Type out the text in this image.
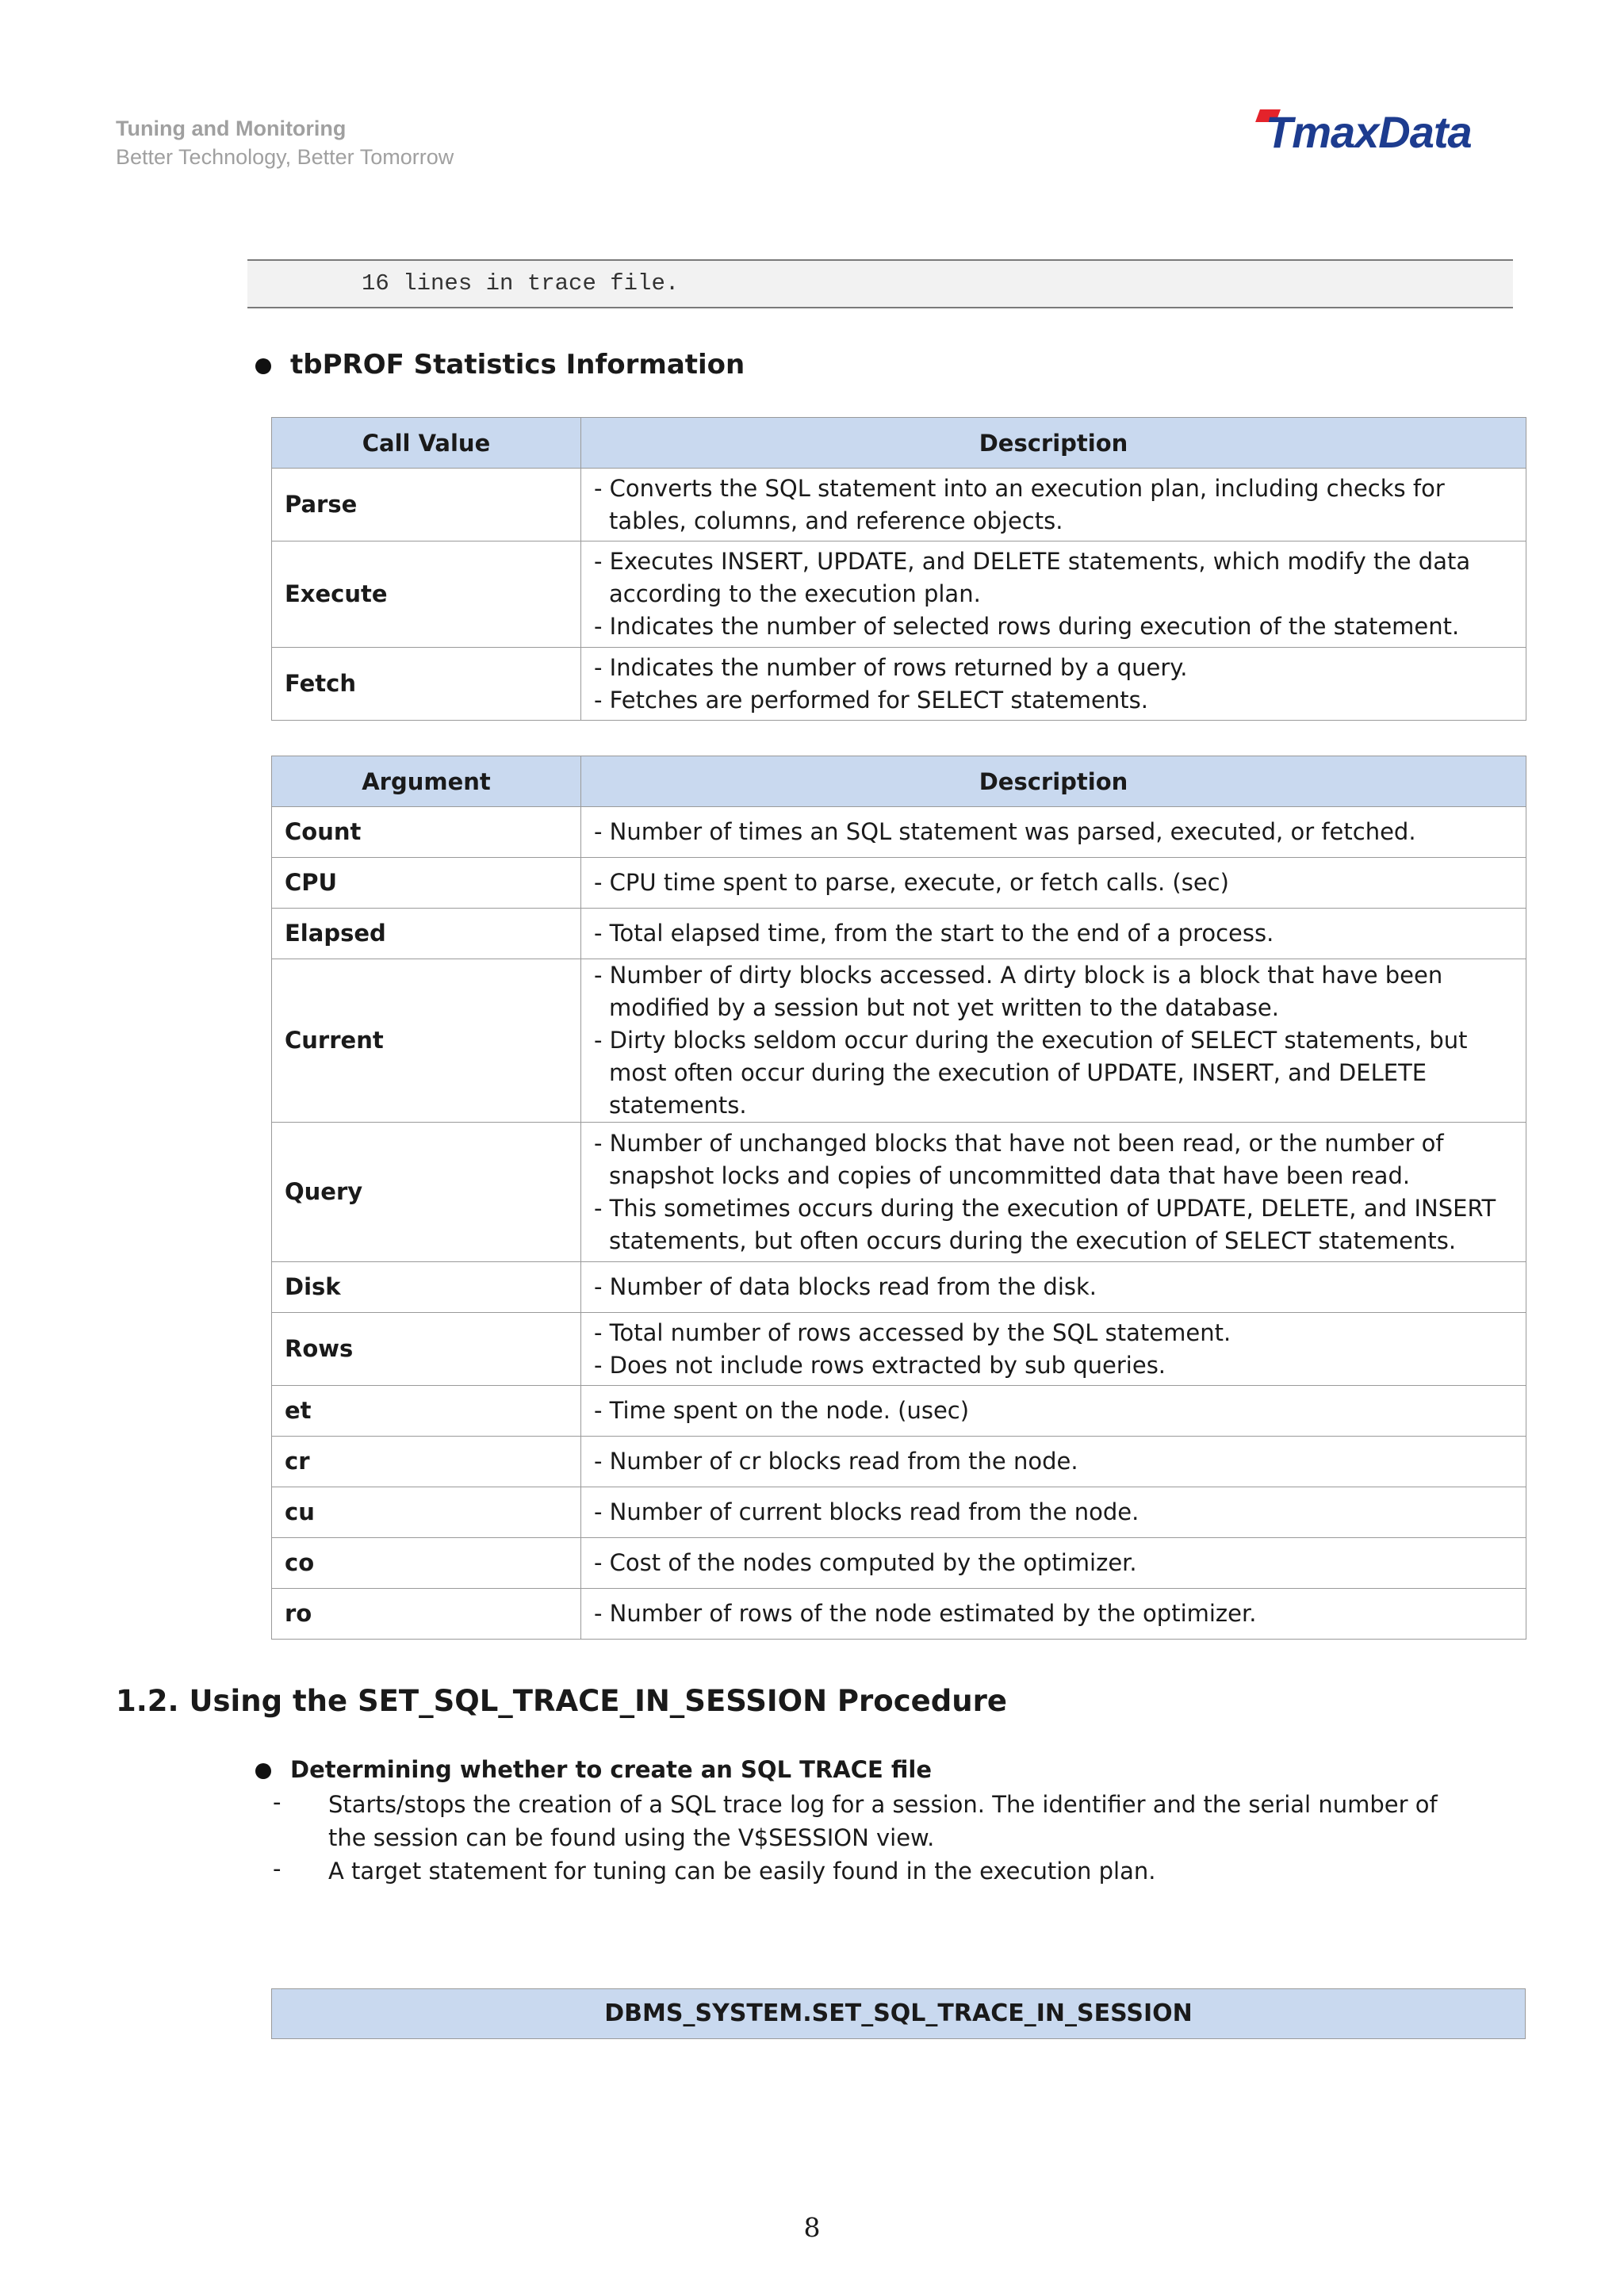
Tuning and Monitoring
Better Technology, Better Tomorrow	TmaxData
16 lines in trace file.
tbPROF Statistics Information
Call Value	Description
Parse	- Converts the SQL statement into an execution plan, including checks for tables, columns, and reference objects.

Execute	- Executes INSERT, UPDATE, and DELETE statements, which modify the data according to the execution plan.
- Indicates the number of selected rows during execution of the statement.

Fetch	- Indicates the number of rows returned by a query.
- Fetches are performed for SELECT statements.
Argument	Description
Count	- Number of times an SQL statement was parsed, executed, or fetched.

CPU	- CPU time spent to parse, execute, or fetch calls. (sec)

Elapsed	- Total elapsed time, from the start to the end of a process.

Current	- Number of dirty blocks accessed. A dirty block is a block that have been modified by a session but not yet written to the database.
- Dirty blocks seldom occur during the execution of SELECT statements, but most often occur during the execution of UPDATE, INSERT, and DELETE statements.

Query	- Number of unchanged blocks that have not been read, or the number of snapshot locks and copies of uncommitted data that have been read.
- This sometimes occurs during the execution of UPDATE, DELETE, and INSERT statements, but often occurs during the execution of SELECT statements.

Disk	- Number of data blocks read from the disk.

Rows	- Total number of rows accessed by the SQL statement.
- Does not include rows extracted by sub queries.

et	- Time spent on the node. (usec)

cr	- Number of cr blocks read from the node.

cu	- Number of current blocks read from the node.

co	- Cost of the nodes computed by the optimizer.

ro	- Number of rows of the node estimated by the optimizer.
1.2. Using the SET_SQL_TRACE_IN_SESSION Procedure
Determining whether to create an SQL TRACE file
- Starts/stops the creation of a SQL trace log for a session. The identifier and the serial number of the session can be found using the V$SESSION view.
- A target statement for tuning can be easily found in the execution plan.
DBMS_SYSTEM.SET_SQL_TRACE_IN_SESSION
8
